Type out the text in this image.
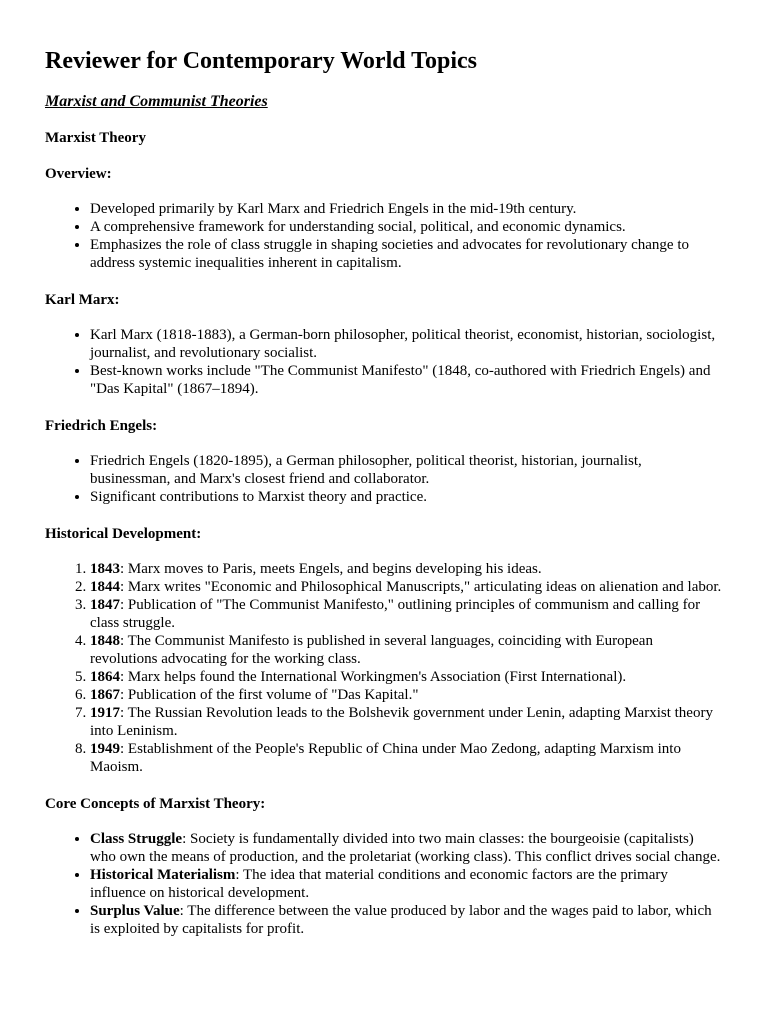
Reviewer for Contemporary World Topics
Marxist and Communist Theories
Marxist Theory
Overview:
• Developed primarily by Karl Marx and Friedrich Engels in the mid-19th century.
• A comprehensive framework for understanding social, political, and economic dynamics.
• Emphasizes the role of class struggle in shaping societies and advocates for revolutionary change to address systemic inequalities inherent in capitalism.
Karl Marx:
• Karl Marx (1818-1883), a German-born philosopher, political theorist, economist, historian, sociologist, journalist, and revolutionary socialist.
• Best-known works include "The Communist Manifesto" (1848, co-authored with Friedrich Engels) and "Das Kapital" (1867–1894).
Friedrich Engels:
• Friedrich Engels (1820-1895), a German philosopher, political theorist, historian, journalist, businessman, and Marx's closest friend and collaborator.
• Significant contributions to Marxist theory and practice.
Historical Development:
1. 1843: Marx moves to Paris, meets Engels, and begins developing his ideas.
2. 1844: Marx writes "Economic and Philosophical Manuscripts," articulating ideas on alienation and labor.
3. 1847: Publication of "The Communist Manifesto," outlining principles of communism and calling for class struggle.
4. 1848: The Communist Manifesto is published in several languages, coinciding with European revolutions advocating for the working class.
5. 1864: Marx helps found the International Workingmen's Association (First International).
6. 1867: Publication of the first volume of "Das Kapital."
7. 1917: The Russian Revolution leads to the Bolshevik government under Lenin, adapting Marxist theory into Leninism.
8. 1949: Establishment of the People's Republic of China under Mao Zedong, adapting Marxism into Maoism.
Core Concepts of Marxist Theory:
• Class Struggle: Society is fundamentally divided into two main classes: the bourgeoisie (capitalists) who own the means of production, and the proletariat (working class). This conflict drives social change.
• Historical Materialism: The idea that material conditions and economic factors are the primary influence on historical development.
• Surplus Value: The difference between the value produced by labor and the wages paid to labor, which is exploited by capitalists for profit.
